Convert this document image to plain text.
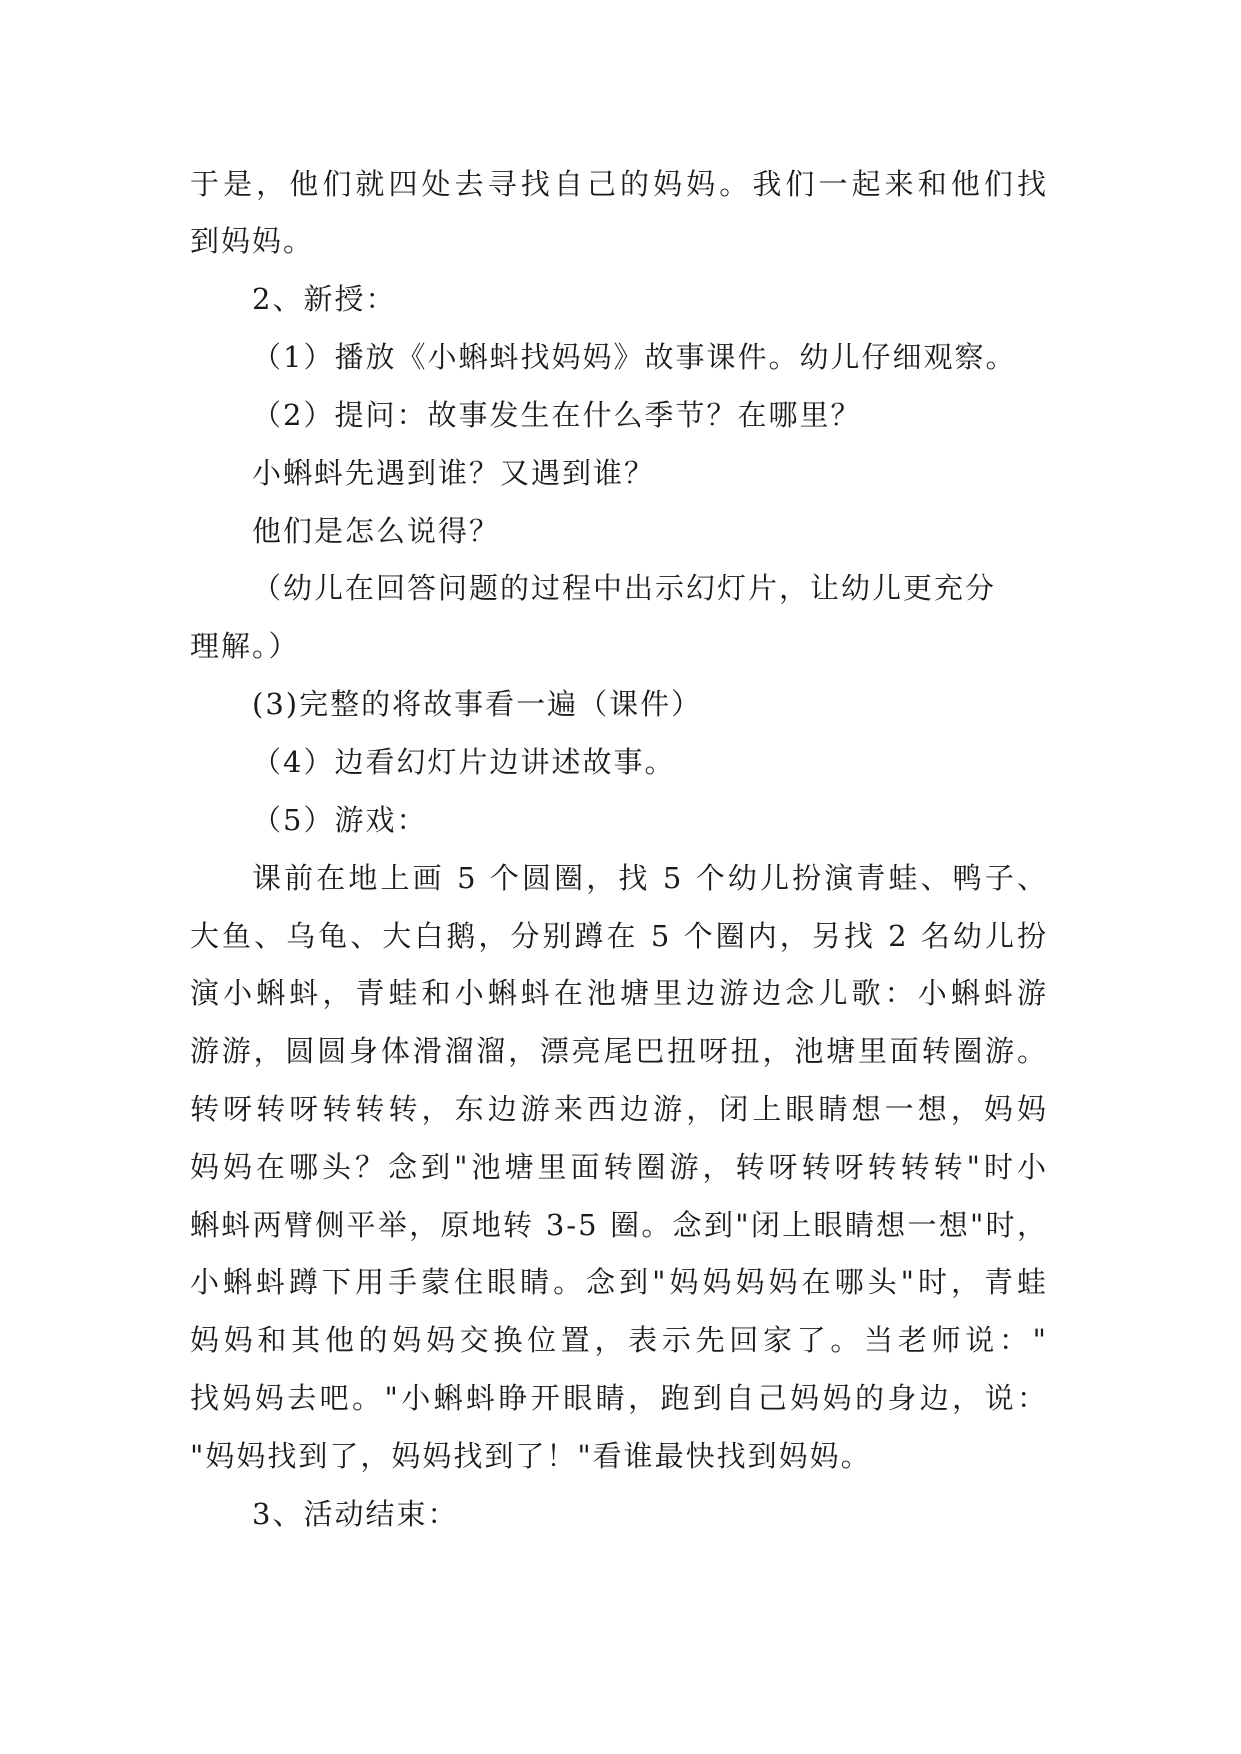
于是，他们就四处去寻找自己的妈妈。我们一起来和他们找
到妈妈。
2、新授：
（1）播放《小蝌蚪找妈妈》故事课件。幼儿仔细观察。
（2）提问：故事发生在什么季节？在哪里？
小蝌蚪先遇到谁？又遇到谁？
他们是怎么说得？
（幼儿在回答问题的过程中出示幻灯片，让幼儿更充分
理解。）
(3)完整的将故事看一遍（课件）
（4）边看幻灯片边讲述故事。
（5）游戏：
课前在地上画 5 个圆圈，找 5 个幼儿扮演青蛙、鸭子、
大鱼、乌龟、大白鹅，分别蹲在 5 个圈内，另找 2 名幼儿扮
演小蝌蚪，青蛙和小蝌蚪在池塘里边游边念儿歌：小蝌蚪游
游游，圆圆身体滑溜溜，漂亮尾巴扭呀扭，池塘里面转圈游。
转呀转呀转转转，东边游来西边游，闭上眼睛想一想，妈妈
妈妈在哪头？念到"池塘里面转圈游，转呀转呀转转转"时小
蝌蚪两臂侧平举，原地转 3-5 圈。念到"闭上眼睛想一想"时，
小蝌蚪蹲下用手蒙住眼睛。念到"妈妈妈妈在哪头"时，青蛙
妈妈和其他的妈妈交换位置，表示先回家了。当老师说："
找妈妈去吧。"小蝌蚪睁开眼睛，跑到自己妈妈的身边，说：
"妈妈找到了，妈妈找到了！"看谁最快找到妈妈。
3、活动结束：
